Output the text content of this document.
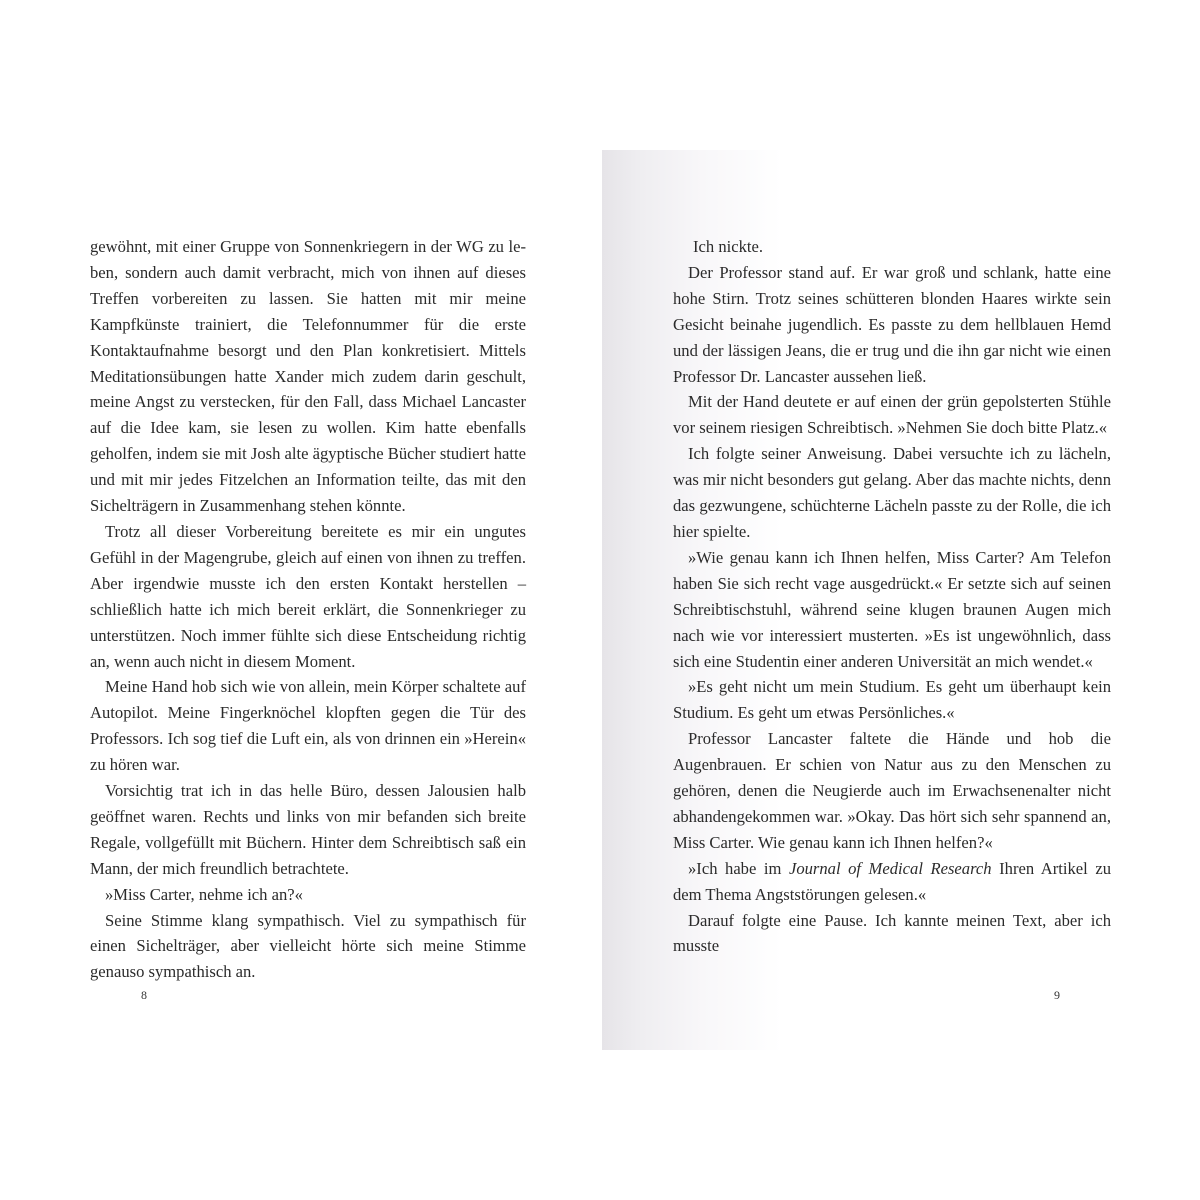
gewöhnt, mit einer Gruppe von Sonnenkriegern in der WG zu leben, sondern auch damit verbracht, mich von ihnen auf dieses Treffen vorbereiten zu lassen. Sie hatten mit mir meine Kampfkünste trainiert, die Telefonnummer für die erste Kontaktaufnahme besorgt und den Plan konkretisiert. Mittels Meditationsübungen hatte Xander mich zudem darin geschult, meine Angst zu verstecken, für den Fall, dass Michael Lancaster auf die Idee kam, sie lesen zu wollen. Kim hatte ebenfalls geholfen, indem sie mit Josh alte ägyptische Bücher studiert hatte und mit mir jedes Fitzelchen an Information teilte, das mit den Sichelträgern in Zusammenhang stehen könnte.

Trotz all dieser Vorbereitung bereitete es mir ein ungutes Gefühl in der Magengrube, gleich auf einen von ihnen zu treffen. Aber irgendwie musste ich den ersten Kontakt herstellen – schließlich hatte ich mich bereit erklärt, die Sonnenkrieger zu unterstützen. Noch immer fühlte sich diese Entscheidung richtig an, wenn auch nicht in diesem Moment.

Meine Hand hob sich wie von allein, mein Körper schaltete auf Autopilot. Meine Fingerknöchel klopften gegen die Tür des Professors. Ich sog tief die Luft ein, als von drinnen ein »Herein« zu hören war.

Vorsichtig trat ich in das helle Büro, dessen Jalousien halb geöffnet waren. Rechts und links von mir befanden sich breite Regale, vollgefüllt mit Büchern. Hinter dem Schreibtisch saß ein Mann, der mich freundlich betrachtete.

»Miss Carter, nehme ich an?«

Seine Stimme klang sympathisch. Viel zu sympathisch für einen Sichelträger, aber vielleicht hörte sich meine Stimme genauso sympathisch an.

8

Ich nickte.

Der Professor stand auf. Er war groß und schlank, hatte eine hohe Stirn. Trotz seines schütteren blonden Haares wirkte sein Gesicht beinahe jugendlich. Es passte zu dem hellblauen Hemd und der lässigen Jeans, die er trug und die ihn gar nicht wie einen Professor Dr. Lancaster aussehen ließ.

Mit der Hand deutete er auf einen der grün gepolsterten Stühle vor seinem riesigen Schreibtisch. »Nehmen Sie doch bitte Platz.«

Ich folgte seiner Anweisung. Dabei versuchte ich zu lächeln, was mir nicht besonders gut gelang. Aber das machte nichts, denn das gezwungene, schüchterne Lächeln passte zu der Rolle, die ich hier spielte.

»Wie genau kann ich Ihnen helfen, Miss Carter? Am Telefon haben Sie sich recht vage ausgedrückt.« Er setzte sich auf seinen Schreibtischstuhl, während seine klugen braunen Augen mich nach wie vor interessiert musterten. »Es ist ungewöhnlich, dass sich eine Studentin einer anderen Universität an mich wendet.«

»Es geht nicht um mein Studium. Es geht um überhaupt kein Studium. Es geht um etwas Persönliches.«

Professor Lancaster faltete die Hände und hob die Augenbrauen. Er schien von Natur aus zu den Menschen zu gehören, denen die Neugierde auch im Erwachsenenalter nicht abhandengekommen war. »Okay. Das hört sich sehr spannend an, Miss Carter. Wie genau kann ich Ihnen helfen?«

»Ich habe im Journal of Medical Research Ihren Artikel zu dem Thema Angststörungen gelesen.«

Darauf folgte eine Pause. Ich kannte meinen Text, aber ich musste

9
